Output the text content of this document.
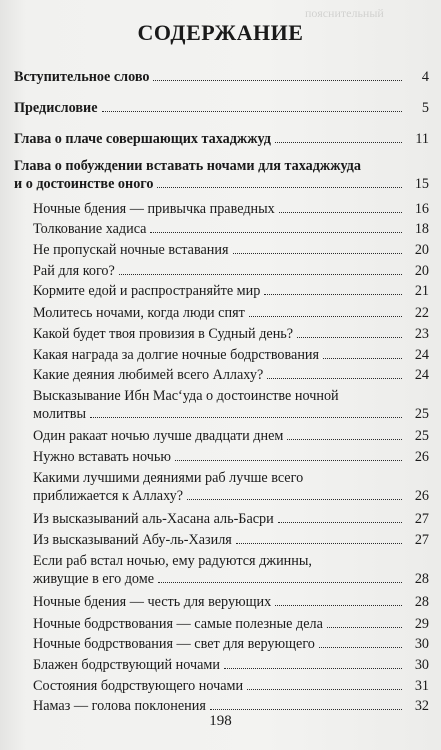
пояснительный
СОДЕРЖАНИЕ
Вступительное слово	4
Предисловие	5
Глава о плаче совершающих тахаджжуд	11
Глава о побуждении вставать ночами для тахаджжуда
и о достоинстве оного	15
Ночные бдения — привычка праведных	16
Толкование хадиса	18
Не пропускай ночные вставания	20
Рай для кого?	20
Кормите едой и распространяйте мир	21
Молитесь ночами, когда люди спят	22
Какой будет твоя провизия в Судный день?	23
Какая награда за долгие ночные бодрствования	24
Какие деяния любимей всего Аллаху?	24
Высказывание Ибн Мас‘уда о достоинстве ночной
молитвы	25
Один ракаат ночью лучше двадцати днем	25
Нужно вставать ночью	26
Какими лучшими деяниями раб лучше всего
приближается к Аллаху?	26
Из высказываний аль-Хасана аль-Басри	27
Из высказываний Абу-ль-Хазиля	27
Если раб встал ночью, ему радуются джинны,
живущие в его доме	28
Ночные бдения — честь для верующих	28
Ночные бодрствования — самые полезные дела	29
Ночные бодрствования — свет для верующего	30
Блажен бодрствующий ночами	30
Состояния бодрствующего ночами	31
Намаз — голова поклонения	32
198
